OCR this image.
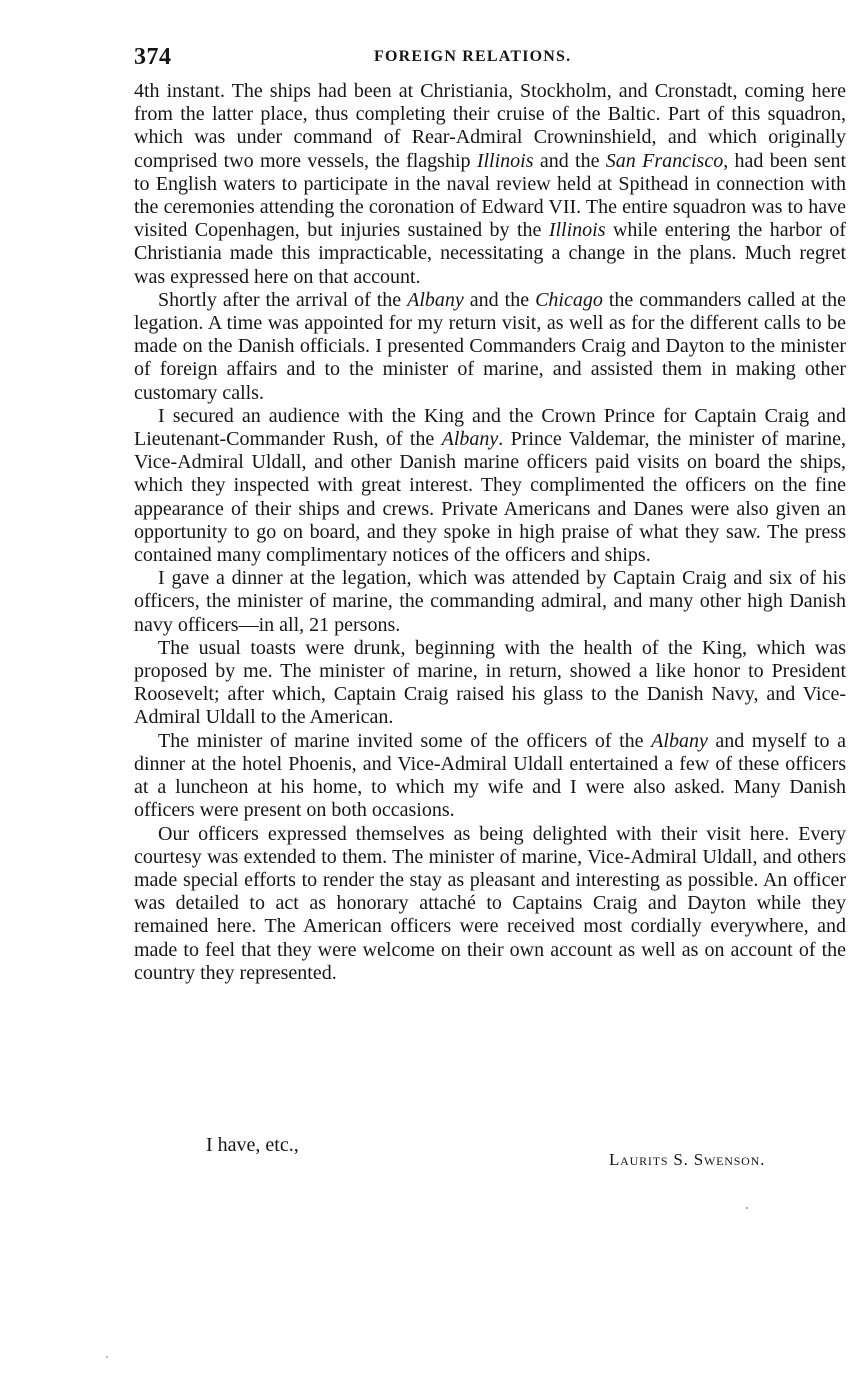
374	FOREIGN RELATIONS.

4th instant. The ships had been at Christiania, Stockholm, and Cronstadt, coming here from the latter place, thus completing their cruise of the Baltic. Part of this squadron, which was under command of Rear-Admiral Crowninshield, and which originally comprised two more vessels, the flagship Illinois and the San Francisco, had been sent to English waters to participate in the naval review held at Spithead in connection with the ceremonies attending the coronation of Edward VII. The entire squadron was to have visited Copenhagen, but injuries sustained by the Illinois while entering the harbor of Christiania made this impracticable, necessitating a change in the plans. Much regret was expressed here on that account.

Shortly after the arrival of the Albany and the Chicago the commanders called at the legation. A time was appointed for my return visit, as well as for the different calls to be made on the Danish officials. I presented Commanders Craig and Dayton to the minister of foreign affairs and to the minister of marine, and assisted them in making other customary calls.

I secured an audience with the King and the Crown Prince for Captain Craig and Lieutenant-Commander Rush, of the Albany. Prince Valdemar, the minister of marine, Vice-Admiral Uldall, and other Danish marine officers paid visits on board the ships, which they inspected with great interest. They complimented the officers on the fine appearance of their ships and crews. Private Americans and Danes were also given an opportunity to go on board, and they spoke in high praise of what they saw. The press contained many complimentary notices of the officers and ships.

I gave a dinner at the legation, which was attended by Captain Craig and six of his officers, the minister of marine, the commanding admiral, and many other high Danish navy officers—in all, 21 persons.

The usual toasts were drunk, beginning with the health of the King, which was proposed by me. The minister of marine, in return, showed a like honor to President Roosevelt; after which, Captain Craig raised his glass to the Danish Navy, and Vice-Admiral Uldall to the American.

The minister of marine invited some of the officers of the Albany and myself to a dinner at the hotel Phoenis, and Vice-Admiral Uldall entertained a few of these officers at a luncheon at his home, to which my wife and I were also asked. Many Danish officers were present on both occasions.

Our officers expressed themselves as being delighted with their visit here. Every courtesy was extended to them. The minister of marine, Vice-Admiral Uldall, and others made special efforts to render the stay as pleasant and interesting as possible. An officer was detailed to act as honorary attaché to Captains Craig and Dayton while they remained here. The American officers were received most cordially everywhere, and made to feel that they were welcome on their own account as well as on account of the country they represented.

I have, etc.,
Laurits S. Swenson.
